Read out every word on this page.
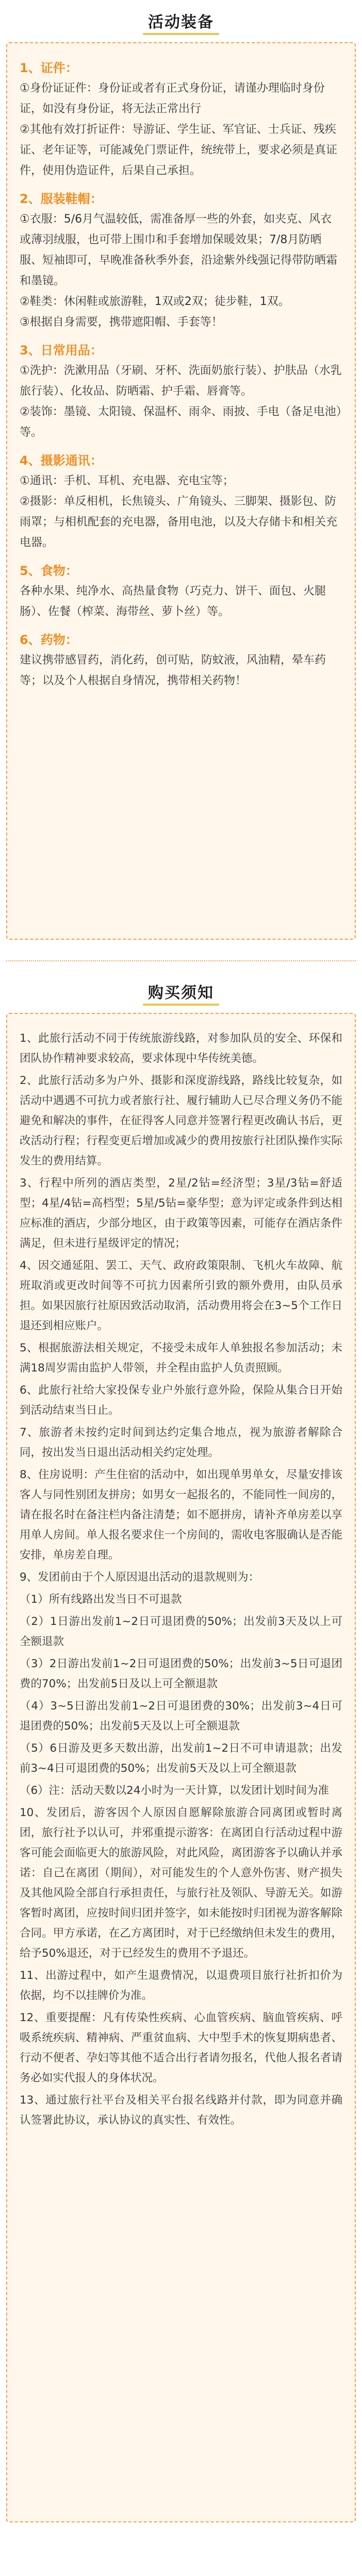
活动装备
1、证件：
①身份证证件：身份证或者有正式身份证，请谨办理临时身份证，如没有身份证，将无法正常出行
②其他有效打折证件：导游证、学生证、军官证、士兵证、残疾证、老年证等，可能减免门票证件，统统带上，要求必须是真证件，使用伪造证件，后果自己承担。
2、服装鞋帽：
①衣服：5/6月气温较低，需准备厚一些的外套，如夹克、风衣或薄羽绒服，也可带上围巾和手套增加保暖效果；7/8月防晒服、短袖即可，早晚准备秋季外套，沿途紫外线强记得带防晒霜和墨镜。
②鞋类：休闲鞋或旅游鞋，1双或2双；徒步鞋，1双。
③根据自身需要，携带遮阳帽、手套等！
3、日常用品：
①洗护：洗漱用品（牙刷、牙杯、洗面奶旅行装）、护肤品（水乳旅行装）、化妆品、防晒霜、护手霜、唇膏等。
②装饰：墨镜、太阳镜、保温杯、雨伞、雨披、手电（备足电池）等。
4、摄影通讯：
①通讯：手机、耳机、充电器、充电宝等；
②摄影：单反相机，长焦镜头、广角镜头、三脚架、摄影包、防雨罩；与相机配套的充电器，备用电池，以及大存储卡和相关充电器。
5、食物：
各种水果、纯净水、高热量食物（巧克力、饼干、面包、火腿肠）、佐餐（榨菜、海带丝、萝卜丝）等。
6、药物：
建议携带感冒药，消化药，创可贴，防蚊液，风油精，晕车药等；以及个人根据自身情况，携带相关药物！
购买须知
1、此旅行活动不同于传统旅游线路，对参加队员的安全、环保和团队协作精神要求较高，要求体现中华传统美德。
2、此旅行活动多为户外、摄影和深度游线路，路线比较复杂，如活动中遇遇不可抗力或者旅行社、履行辅助人已尽合理义务仍不能避免和解决的事件，在征得客人同意并签署行程更改确认书后，更改活动行程；行程变更后增加或减少的费用按旅行社团队操作实际发生的费用结算。
3、行程中所列的酒店类型，2星/2钻=经济型；3星/3钻=舒适型；4星/4钻=高档型；5星/5钻=豪华型；意为评定或条件到达相应标准的酒店，少部分地区，由于政策等因素，可能存在酒店条件满足，但未进行星级评定的情况；
4、因交通延阻、罢工、天气、政府政策限制、飞机火车故障、航班取消或更改时间等不可抗力因素所引致的额外费用，由队员承担。如果因旅行社原因致活动取消，活动费用将会在3~5个工作日退还到相应账户。
5、根据旅游法相关规定，不接受未成年人单独报名参加活动；未满18周岁需由监护人带领，并全程由监护人负责照顾。
6、此旅行社给大家投保专业户外旅行意外险，保险从集合日开始到活动结束当日止。
7、旅游者未按约定时间到达约定集合地点，视为旅游者解除合同，按出发当日退出活动相关约定处理。
8、住房说明：产生住宿的活动中，如出现单男单女，尽量安排该客人与同性别团友拼房；如男女一起报名的，不能同性一间房的，请在报名时在备注栏内备注清楚；如不愿拼房，请补齐单房差以享用单人房间。单人报名要求住一个房间的，需收电客服确认是否能安排，单房差自理。
9、发团前由于个人原因退出活动的退款规则为：
（1）所有线路出发当日不可退款
（2）1日游出发前1~2日可退团费的50%；出发前3天及以上可全额退款
（3）2日游出发前1~2日可退团费的50%；出发前3~5日可退团费的70%；出发前5日及以上可全额退款
（4）3~5日游出发前1~2日可退团费的30%；出发前3~4日可退团费的50%；出发前5天及以上可全额退款
（5）6日游及更多天数出游，出发前1~2日不可申请退款；出发前3~4日可退团费的50%；出发前5天及以上可全额退款
（6）注：活动天数以24小时为一天计算，以发团计划时间为准
10、发团后，游客因个人原因自愿解除旅游合同离团或暂时离团，旅行社予以认可，并邪重提示游客：在离团自行活动过程中游客可能会面临更大的旅游风险，对此风险，离团游客予以确认并承诺：自己在离团（期间），对可能发生的个人意外伤害、财产损失及其他风险全部自行承担责任，与旅行社及领队、导游无关。如游客暂时离团，应按时间归团并签字，如未能按时归团视为游客解除合同。甲方承诺，在乙方离团时，对于已经缴纳但未发生的费用，给予50%退还，对于已经发生的费用不予退还。
11、出游过程中，如产生退费情况，以退费项目旅行社折扣价为依据，均不以挂牌价为准。
12、重要提醒：凡有传染性疾病、心血管疾病、脑血管疾病、呼吸系统疾病、精神病、严重贫血病、大中型手术的恢复期病患者、行动不便者、孕妇等其他不适合出行者请勿报名，代他人报名者请务必如实代报人的身体状况。
13、通过旅行社平台及相关平台报名线路并付款，即为同意并确认签署此协议，承认协议的真实性、有效性。
